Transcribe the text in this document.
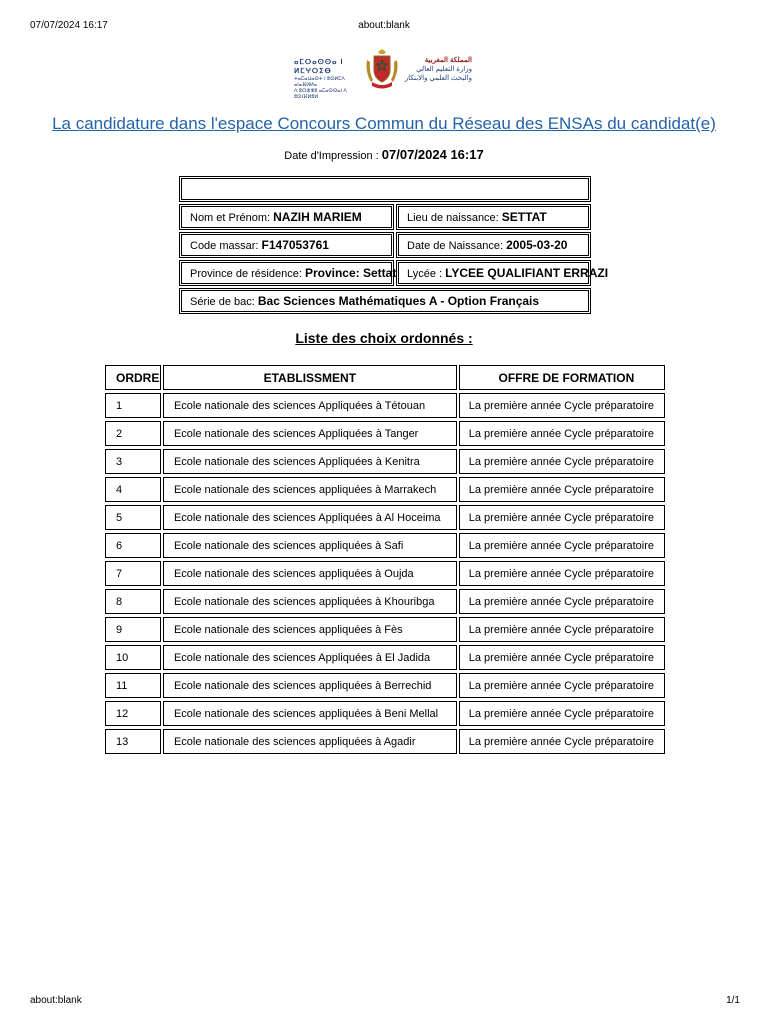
07/07/2024 16:17	about:blank
ⴰⵎⵔⴰⵙⵙⴰ ⵏ ⵍⵎⵖⵔⵉⴱ
ⵜⴰⵎⴰⵡⴰⵙⵜ ⵏ ⵓⵙⵍⵎⴷ ⴰⵏⴰⴼⵍⵍⴰ
ⴷ ⵓⵔⵣⵣⵓ ⴰⵎⴰⵙⵙⴰⵏ ⴷ ⵓⵙⵏⴼⵍⵓⵍ
المملكة المغربية
وزارة التعليم العالي
والبحث العلمي والابتكار
La candidature dans l'espace Concours Commun du Réseau des ENSAs du candidat(e)
Date d'Impression : 07/07/2024 16:17
Nom et Prénom: NAZIH MARIEM	Lieu de naissance: SETTAT
Code massar: F147053761	Date de Naissance: 2005-03-20
Province de résidence: Province: Settat Lycée : LYCEE QUALIFIANT ERRAZI
Série de bac: Bac Sciences Mathématiques A - Option Français
Liste des choix ordonnés :
ORDRE	ETABLISSMENT	OFFRE DE FORMATION
1	Ecole nationale des sciences Appliquées à Tétouan	La première année Cycle préparatoire
2	Ecole nationale des sciences Appliquées à Tanger	La première année Cycle préparatoire
3	Ecole nationale des sciences Appliquées à Kenitra	La première année Cycle préparatoire
4	Ecole nationale des sciences appliquées à Marrakech	La première année Cycle préparatoire
5	Ecole nationale des sciences Appliquées à Al Hoceima	La première année Cycle préparatoire
6	Ecole nationale des sciences appliquées à Safi	La première année Cycle préparatoire
7	Ecole nationale des sciences appliquées à Oujda	La première année Cycle préparatoire
8	Ecole nationale des sciences appliquées à Khouribga	La première année Cycle préparatoire
9	Ecole nationale des sciences appliquées à Fès	La première année Cycle préparatoire
10	Ecole nationale des sciences Appliquées à El Jadida	La première année Cycle préparatoire
11	Ecole nationale des sciences appliquées à Berrechid	La première année Cycle préparatoire
12	Ecole nationale des sciences appliquées à Beni Mellal	La première année Cycle préparatoire
13	Ecole nationale des sciences appliquées à Agadir	La première année Cycle préparatoire
about:blank	1/1
